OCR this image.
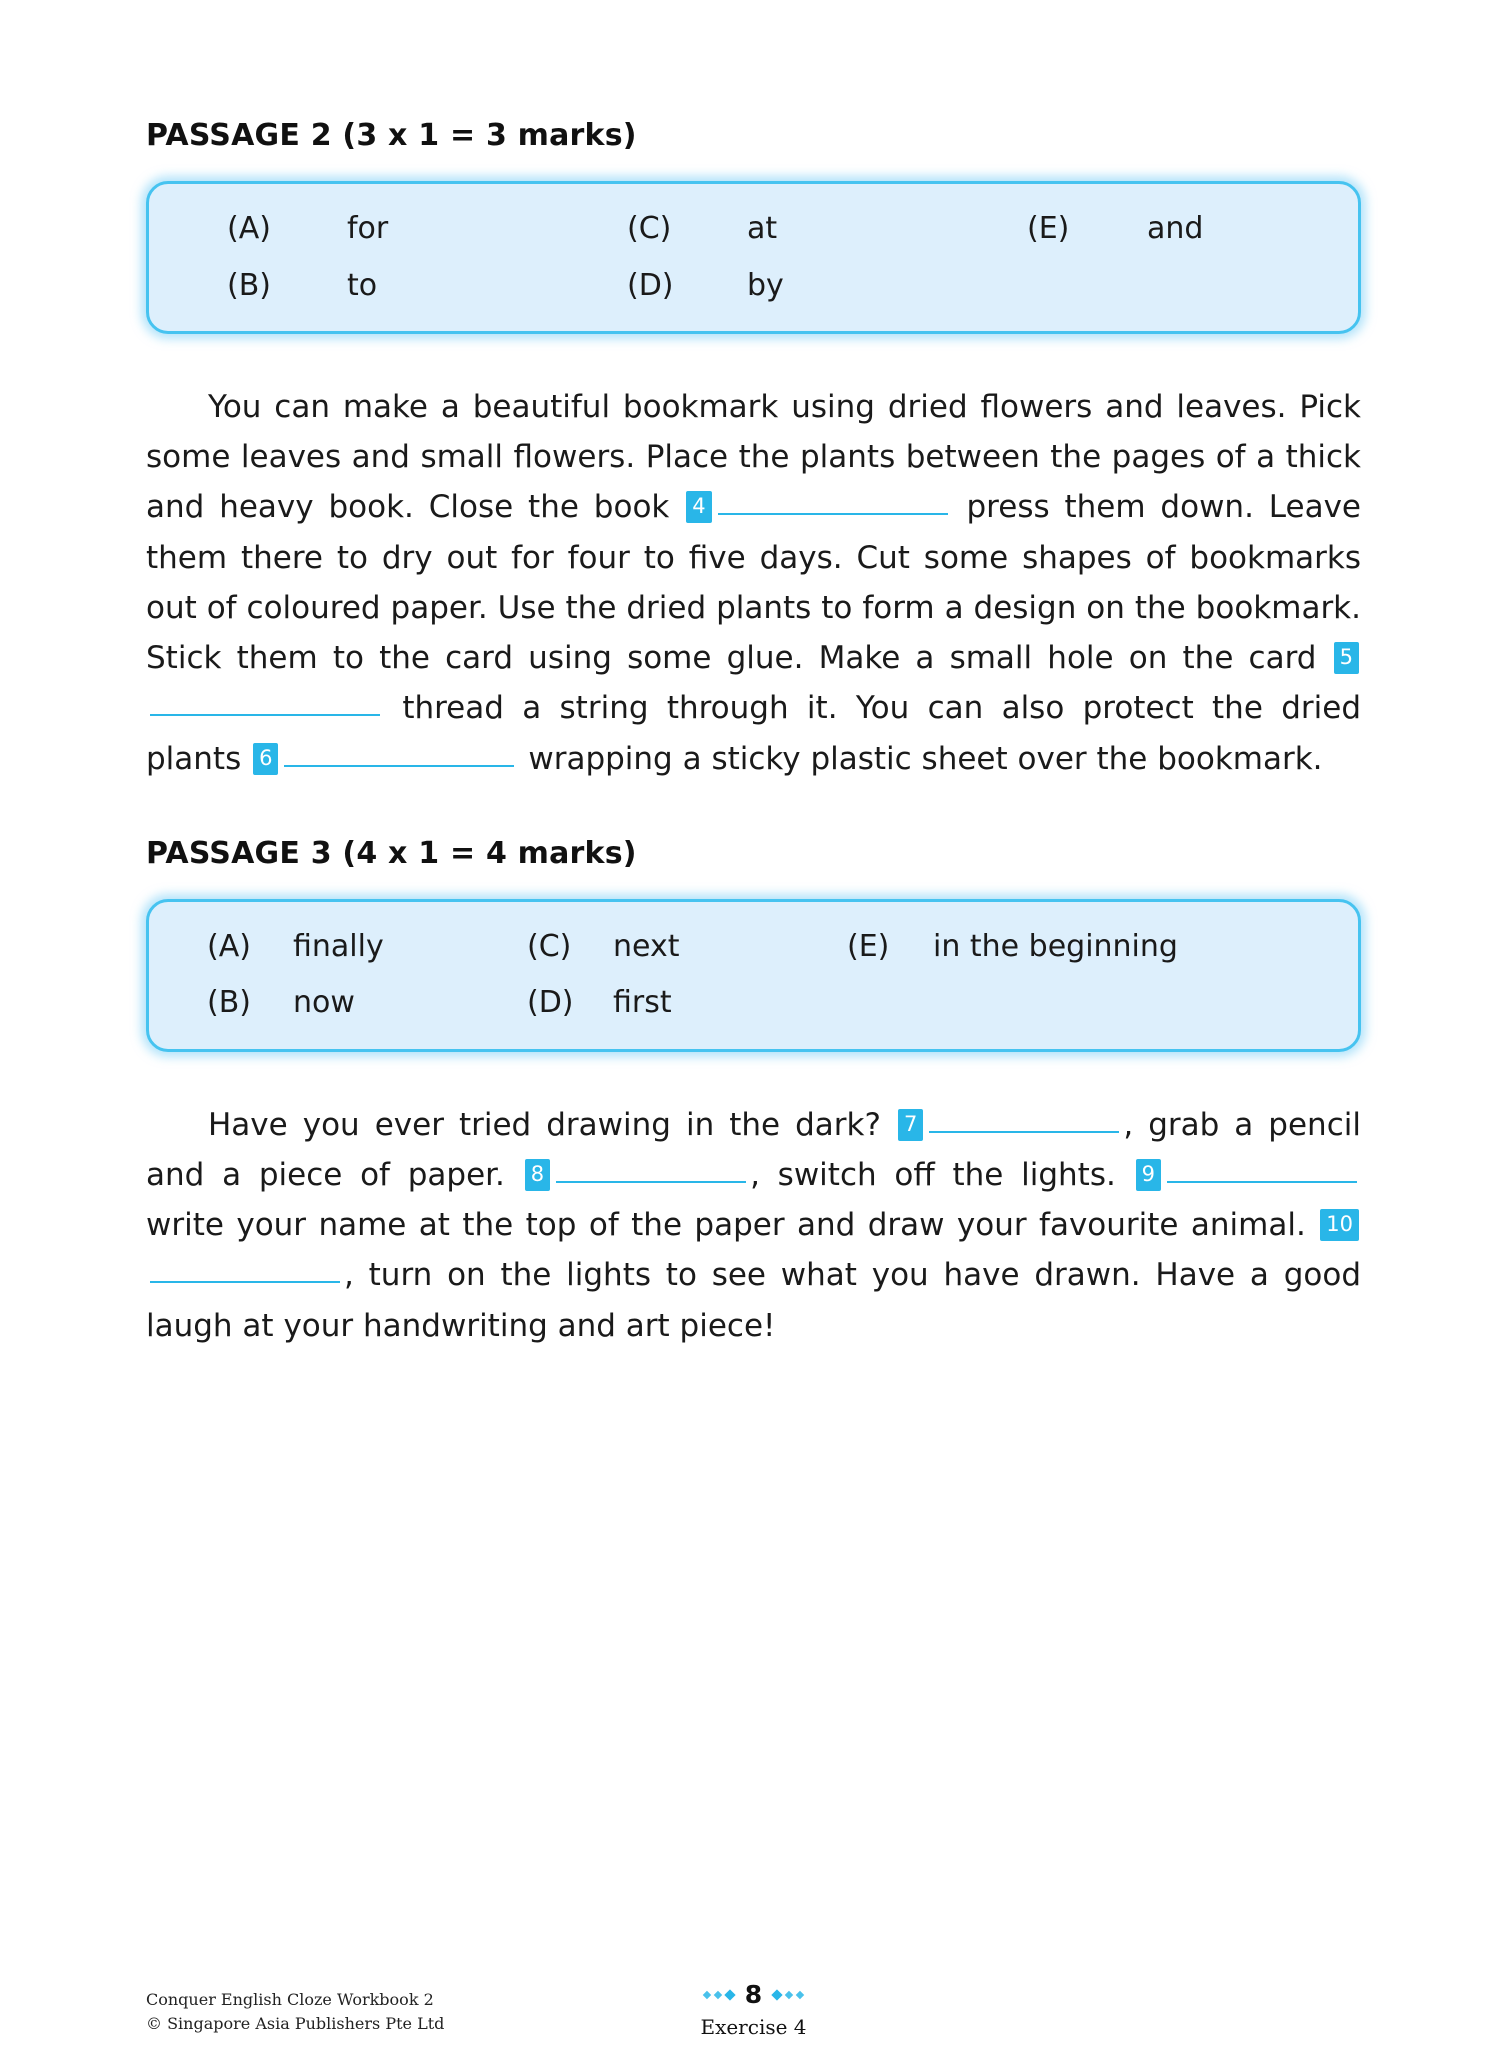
PASSAGE 2 (3 x 1 = 3 marks)
(A)	for	(C)	at	(E)	and
(B)	to	(D)	by

You can make a beautiful bookmark using dried flowers and leaves. Pick some leaves and small flowers. Place the plants between the pages of a thick and heavy book. Close the book 4	press them down. Leave them there to dry out for four to five days. Cut some shapes of bookmarks out of coloured paper. Use the dried plants to form a design on the bookmark. Stick them to the card using some glue. Make a small hole on the card 5 thread a string through it. You can also protect the dried plants 6	wrapping a sticky plastic sheet over the bookmark.

PASSAGE 3 (4 x 1 = 4 marks)
(A)	finally	(C)	next	(E)	in the beginning
(B)	now	(D)	first

Have you ever tried drawing in the dark? 7	, grab a pencil and a piece of paper. 8	, switch off the lights. 9 write your name at the top of the paper and draw your favourite animal. 10, turn on the lights to see what you have drawn. Have a good laugh at your handwriting and art piece!

Conquer English Cloze Workbook 2
© Singapore Asia Publishers Pte Ltd
8
Exercise 4
